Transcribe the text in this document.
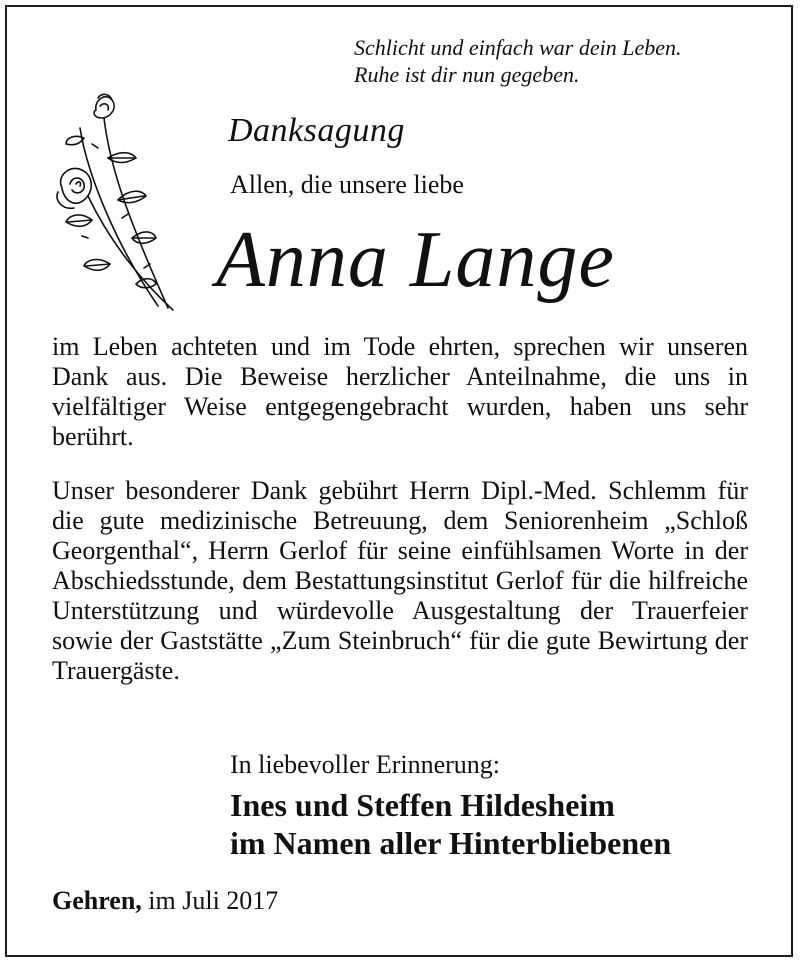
Schlicht und einfach war dein Leben.
Ruhe ist dir nun gegeben.
Danksagung
Allen, die unsere liebe
Anna Lange
im Leben achteten und im Tode ehrten, sprechen wir unseren Dank aus. Die Beweise herzlicher Anteilnahme, die uns in vielfältiger Weise entgegengebracht wurden, haben uns sehr berührt.
Unser besonderer Dank gebührt Herrn Dipl.-Med. Schlemm für die gute medizinische Betreuung, dem Seniorenheim „Schloß Georgenthal“, Herrn Gerlof für seine einfühlsamen Worte in der Abschiedsstunde, dem Bestattungsinstitut Gerlof für die hilfreiche Unterstützung und würdevolle Ausgestaltung der Trauerfeier sowie der Gaststätte „Zum Steinbruch“ für die gute Bewirtung der Trauergäste.
In liebevoller Erinnerung:
Ines und Steffen Hildesheim
im Namen aller Hinterbliebenen
Gehren, im Juli 2017
